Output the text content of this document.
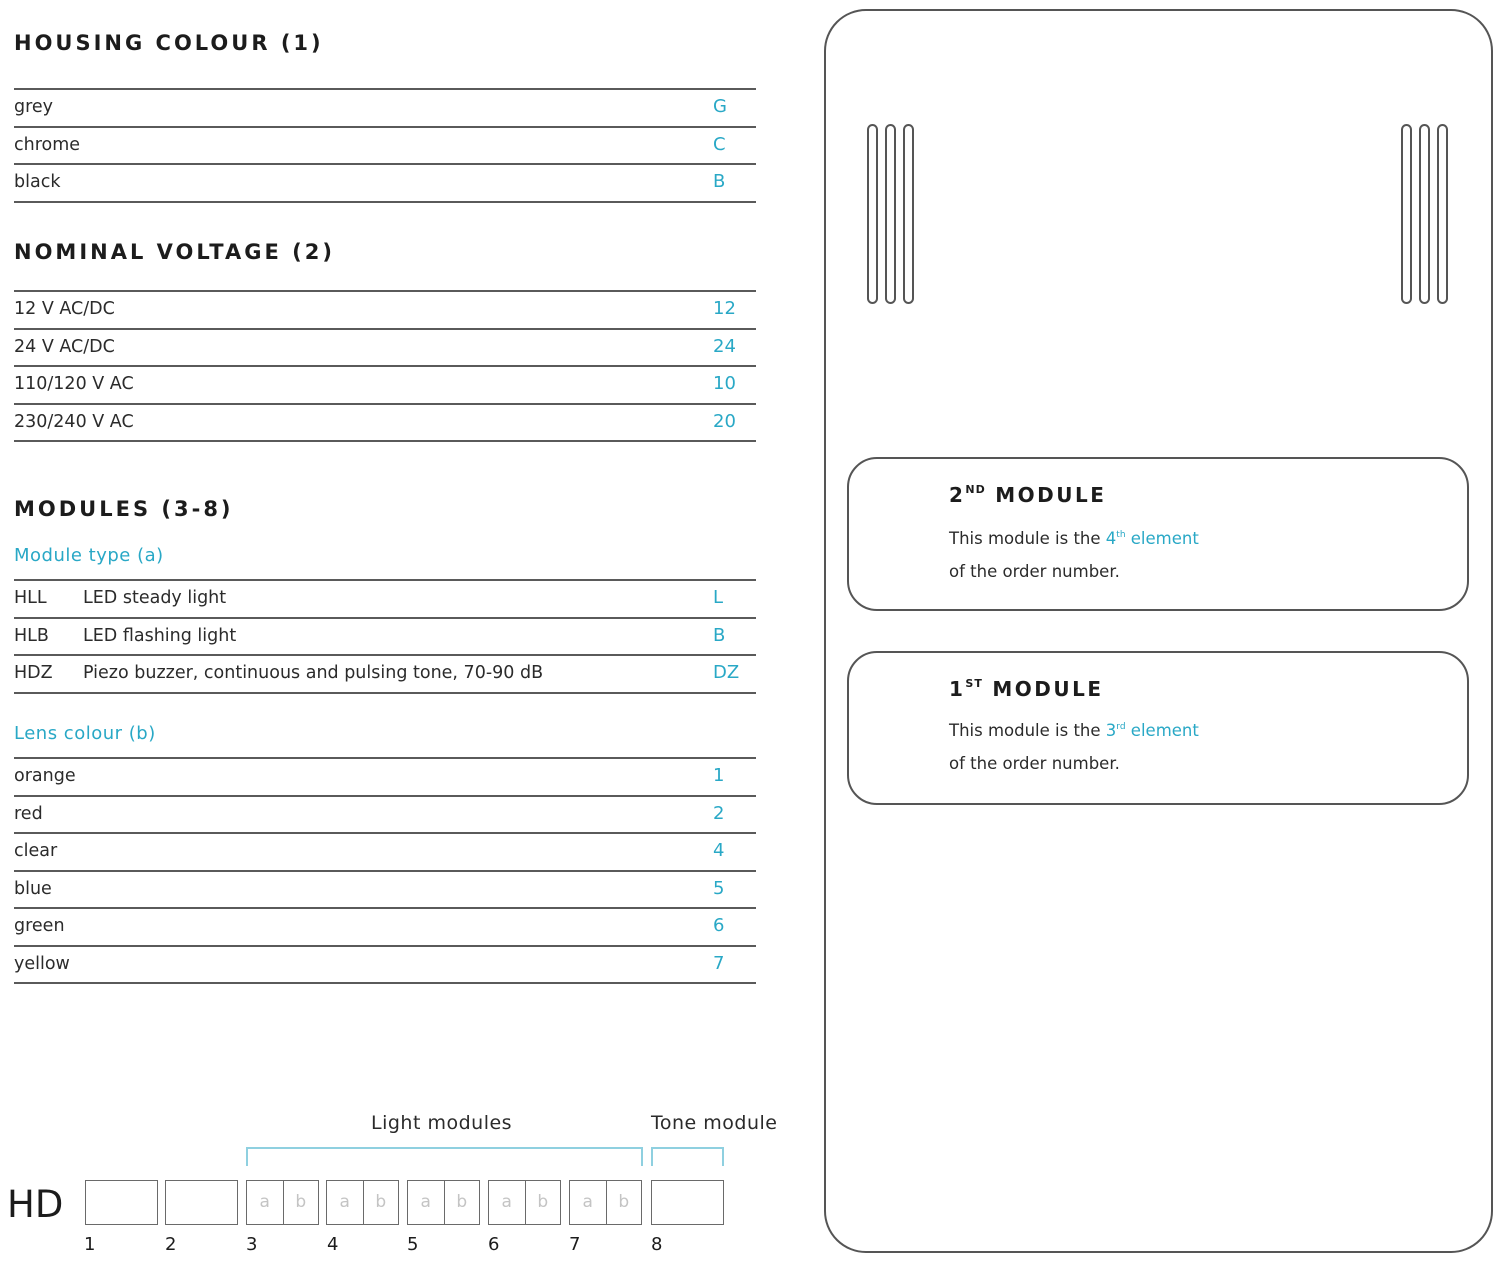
HOUSING COLOUR (1)
grey	G
chrome	C
black	B
NOMINAL VOLTAGE (2)
12 V AC/DC	12
24 V AC/DC	24
110/120 V AC	10
230/240 V AC	20
MODULES (3-8)
Module type (a)
HLL LED steady light	L
HLB LED flashing light	B
HDZ Piezo buzzer, continuous and pulsing tone, 70-90 dB	DZ
Lens colour (b)
orange	1
red	2
clear	4
blue	5
green	6
yellow	7
Light modules	Tone module
HD	a	b	a	b	a	b	a	b	a	b
1	2	3	4	5	6	7	8
2ND MODULE
This module is the 4th element
of the order number.
1ST MODULE
This module is the 3rd element
of the order number.
